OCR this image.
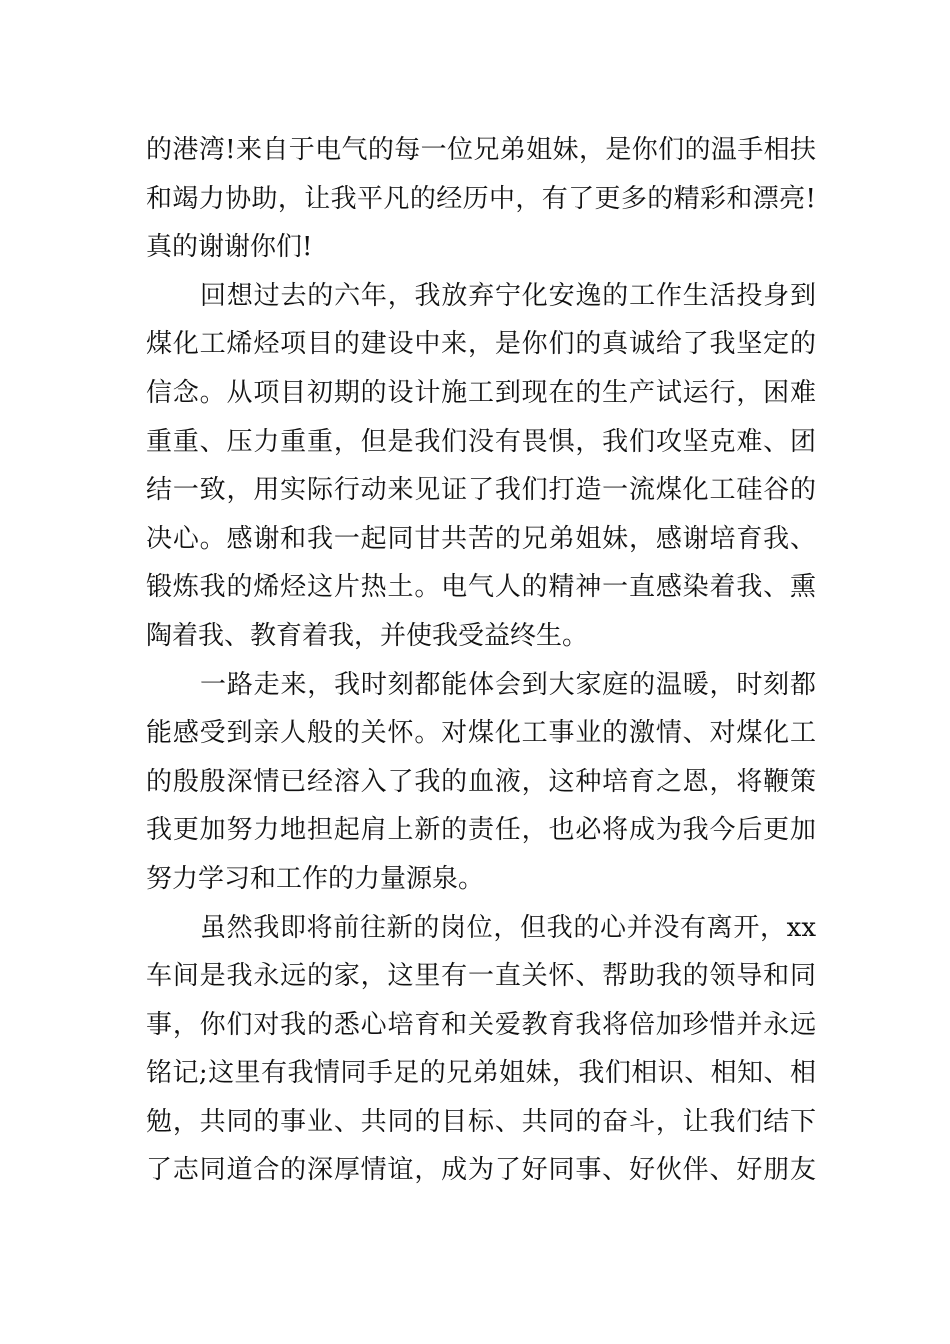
的港湾!来自于电气的每一位兄弟姐妹，是你们的温手相扶
和竭力协助，让我平凡的经历中，有了更多的精彩和漂亮!
真的谢谢你们!
回想过去的六年，我放弃宁化安逸的工作生活投身到
煤化工烯烃项目的建设中来，是你们的真诚给了我坚定的
信念。从项目初期的设计施工到现在的生产试运行，困难
重重、压力重重，但是我们没有畏惧，我们攻坚克难、团
结一致，用实际行动来见证了我们打造一流煤化工硅谷的
决心。感谢和我一起同甘共苦的兄弟姐妹，感谢培育我、
锻炼我的烯烃这片热土。电气人的精神一直感染着我、熏
陶着我、教育着我，并使我受益终生。
一路走来，我时刻都能体会到大家庭的温暖，时刻都
能感受到亲人般的关怀。对煤化工事业的激情、对煤化工
的殷殷深情已经溶入了我的血液，这种培育之恩，将鞭策
我更加努力地担起肩上新的责任，也必将成为我今后更加
努力学习和工作的力量源泉。
虽然我即将前往新的岗位，但我的心并没有离开，xx
车间是我永远的家，这里有一直关怀、帮助我的领导和同
事，你们对我的悉心培育和关爱教育我将倍加珍惜并永远
铭记;这里有我情同手足的兄弟姐妹，我们相识、相知、相
勉，共同的事业、共同的目标、共同的奋斗，让我们结下
了志同道合的深厚情谊，成为了好同事、好伙伴、好朋友
